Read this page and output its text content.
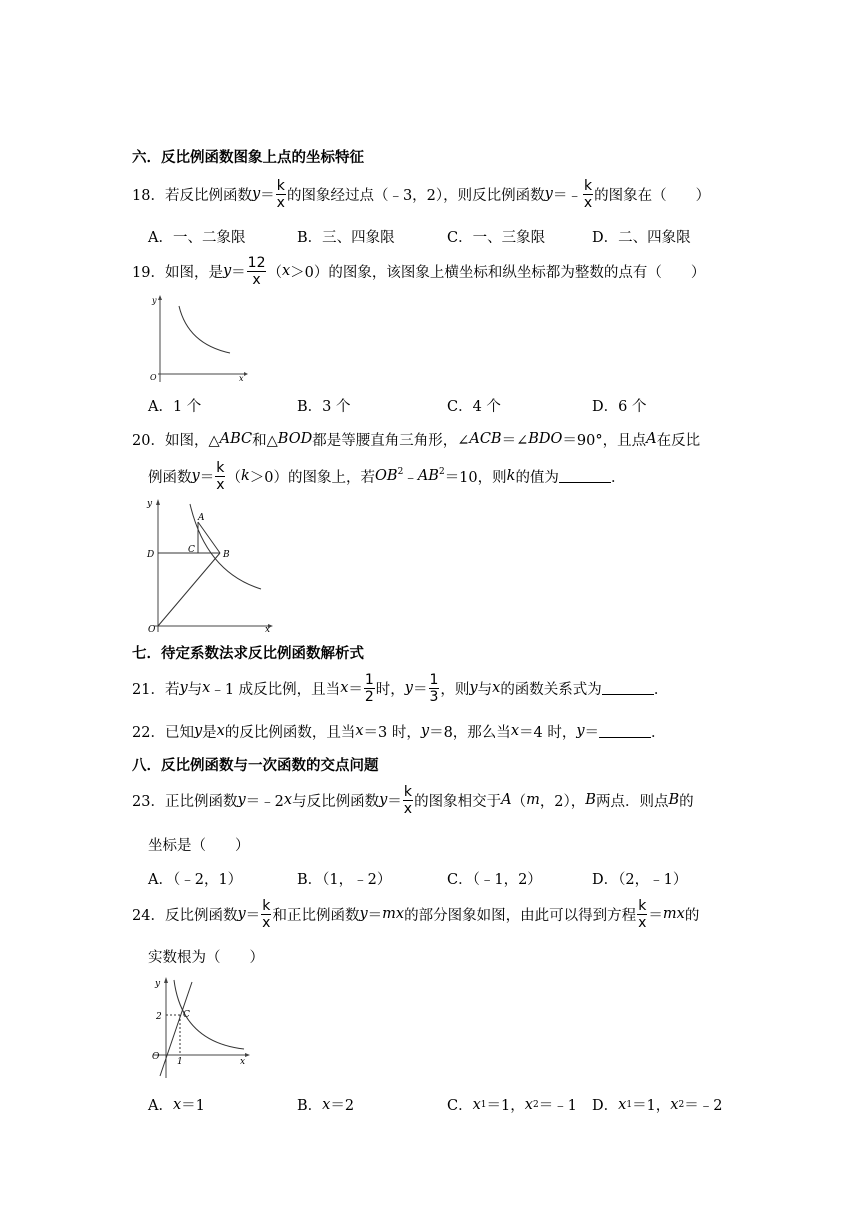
六．反比例函数图象上点的坐标特征
18． 若反比例函数 $y = \frac{k}{x}$ 的图象经过点（﹣3，2），则反比例函数 y ＝﹣ $\frac{k}{x}$ 的图象在（　　）
A．一、二象限	B．三、四象限	C．一、三象限	D．二、四象限
19． 如图，是 $y = \frac{12}{x}$ （ x ＞0）的图象，该图象上横坐标和纵坐标都为整数的点有（　　）
y
x
O
A．1 个	B．3 个	C．4 个	D．6 个
20． 如图，△ ABC 和△ BOD 都是等腰直角三角形，∠ ACB ＝∠ BDO ＝90°，且点 A 在反比
例函数 $y = \frac{k}{x}$ （ k ＞0）的图象上，若 $OB^2$ ﹣ $AB^2 =10$，则 k 的值为	．
y
x
O
A
B
C
D
七．待定系数法求反比例函数解析式
21． 若 y 与 x ﹣1 成反比例，且当 $x = \frac{1}{2}$ 时， $y = \frac{1}{3}$ ，则 y 与 x 的函数关系式为	．
22． 已知 y 是 x 的反比例函数，且当 x ＝3 时， y ＝8，那么当 x ＝4 时， y ＝	．
八．反比例函数与一次函数的交点问题
23． 正比例函数 y ＝﹣2 x 与反比例函数 $y = \frac{k}{x}$ 的图象相交于 A （ m ，2）， B 两点．则点 B 的
坐标是（　　）
A．（﹣2，1）	B．（1，﹣2）	C．（﹣1，2）	D．（2，﹣1）
24． 反比例函数 $y = \frac{k}{x}$ 和正比例函数 y ＝ mx 的部分图象如图，由此可以得到方程 $\frac{k}{x}$ ＝ mx 的
实数根为（　　）
y
x
O
C
2
1
A． x ＝1	B． x ＝2	C． x 1 ＝1， x 2 ＝﹣1 D． x 1 ＝1， x 2 ＝﹣2
